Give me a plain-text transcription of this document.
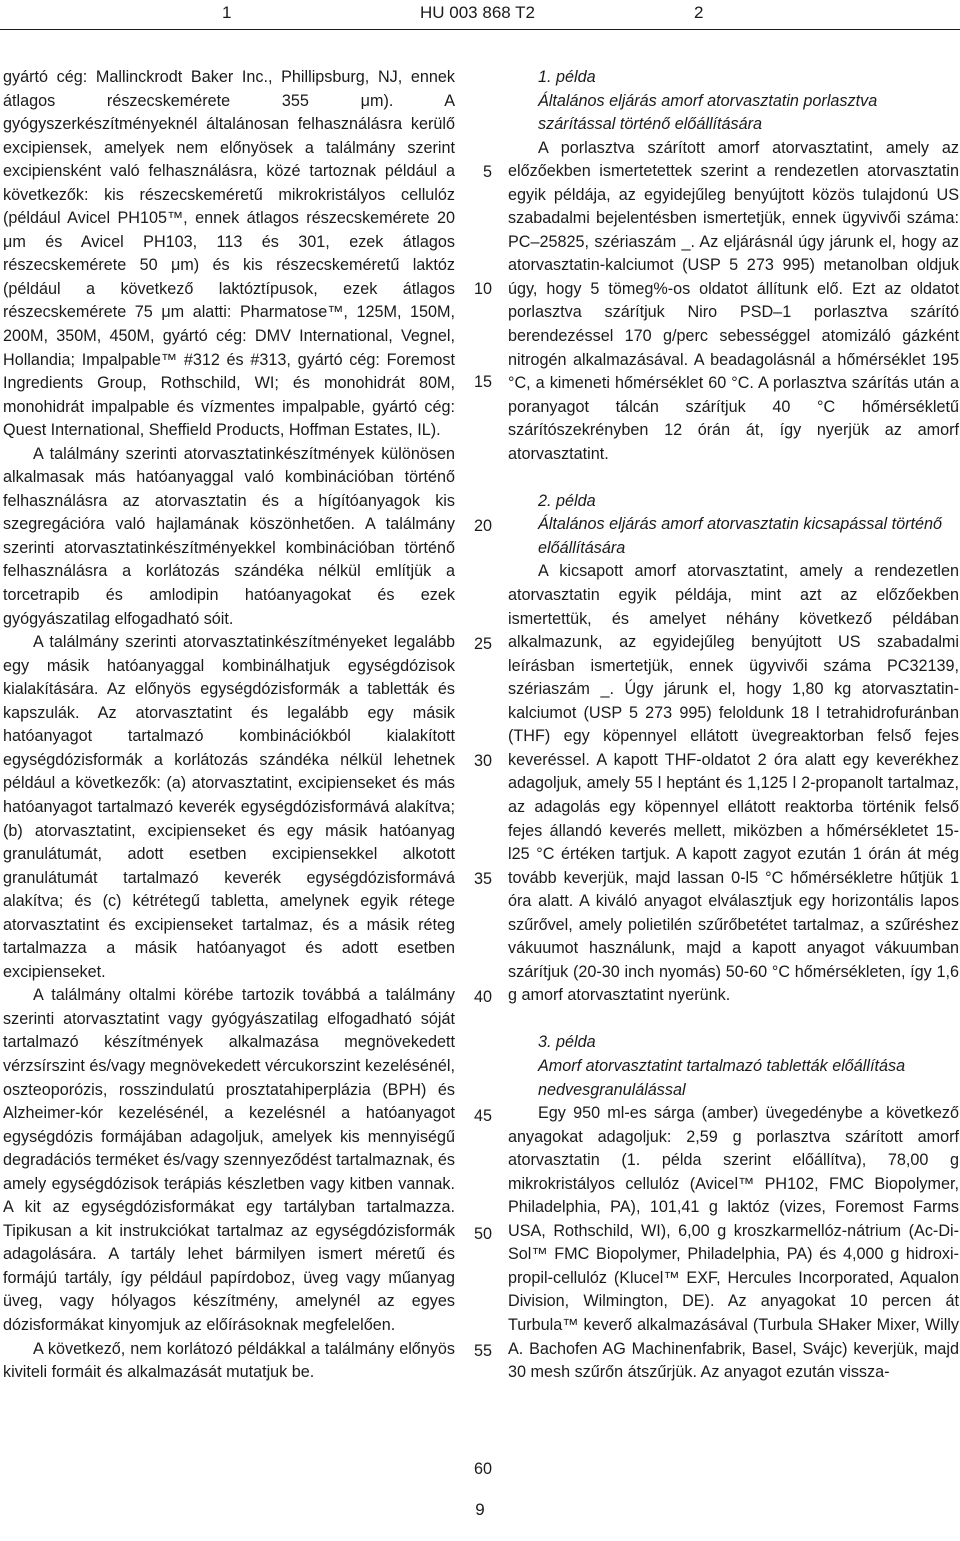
1	HU 003 868 T2	2

gyártó cég: Mallinckrodt Baker Inc., Phillipsburg, NJ, ennek átlagos részecskemérete 355 μm). A gyógyszerkészítményeknél általánosan felhasználásra kerülő excipiensek, amelyek nem előnyösek a találmány szerint excipiensként való felhasználásra, közé tartoznak például a következők: kis részecskeméretű mikrokristályos cellulóz (például Avicel PH105™, ennek átlagos részecskemérete 20 μm és Avicel PH103, 113 és 301, ezek átlagos részecskemérete 50 μm) és kis részecskeméretű laktóz (például a következő laktóztípusok, ezek átlagos részecskemérete 75 μm alatti: Pharmatose™, 125M, 150M, 200M, 350M, 450M, gyártó cég: DMV International, Vegnel, Hollandia; Impalpable™ #312 és #313, gyártó cég: Foremost Ingredients Group, Rothschild, WI; és monohidrát 80M, monohidrát impalpable és vízmentes impalpable, gyártó cég: Quest International, Sheffield Products, Hoffman Estates, IL).

A találmány szerinti atorvasztatinkészítmények különösen alkalmasak más hatóanyaggal való kombinációban történő felhasználásra az atorvasztatin és a hígítóanyagok kis szegregációra való hajlamának köszönhetően. A találmány szerinti atorvasztatinkészítményekkel kombinációban történő felhasználásra a korlátozás szándéka nélkül említjük a torcetrapib és amlodipin hatóanyagokat és ezek gyógyászatilag elfogadható sóit.

A találmány szerinti atorvasztatinkészítményeket legalább egy másik hatóanyaggal kombinálhatjuk egységdózisok kialakítására. Az előnyös egységdózisformák a tabletták és kapszulák. Az atorvasztatint és legalább egy másik hatóanyagot tartalmazó kombinációkból kialakított egységdózisformák a korlátozás szándéka nélkül lehetnek például a következők: (a) atorvasztatint, excipienseket és más hatóanyagot tartalmazó keverék egységdózisformává alakítva; (b) atorvasztatint, excipienseket és egy másik hatóanyag granulátumát, adott esetben excipiensekkel alkotott granulátumát tartalmazó keverék egységdózisformává alakítva; és (c) kétrétegű tabletta, amelynek egyik rétege atorvasztatint és excipienseket tartalmaz, és a másik réteg tartalmazza a másik hatóanyagot és adott esetben excipienseket.

A találmány oltalmi körébe tartozik továbbá a találmány szerinti atorvasztatint vagy gyógyászatilag elfogadható sóját tartalmazó készítmények alkalmazása megnövekedett vérzsírszint és/vagy megnövekedett vércukorszint kezelésénél, oszteoporózis, rosszindulatú prosztatahiperplázia (BPH) és Alzheimer-kór kezelésénél, a kezelésnél a hatóanyagot egységdózis formájában adagoljuk, amelyek kis mennyiségű degradációs terméket és/vagy szennyeződést tartalmaznak, és amely egységdózisok terápiás készletben vagy kitben vannak. A kit az egységdózisformákat egy tartályban tartalmazza. Tipikusan a kit instrukciókat tartalmaz az egységdózisformák adagolására. A tartály lehet bármilyen ismert méretű és formájú tartály, így például papírdoboz, üveg vagy műanyag üveg, vagy hólyagos készítmény, amelynél az egyes dózisformákat kinyomjuk az előírásoknak megfelelően.

A következő, nem korlátozó példákkal a találmány előnyös kiviteli formáit és alkalmazását mutatjuk be.

5
10
15
20
25
30
35
40
45
50
55
60

1. példa

Általános eljárás amorf atorvasztatin porlasztva szárítással történő előállítására

A porlasztva szárított amorf atorvasztatint, amely az előzőekben ismertetettek szerint a rendezetlen atorvasztatin egyik példája, az egyidejűleg benyújtott közös tulajdonú US szabadalmi bejelentésben ismertetjük, ennek ügyvivői száma: PC–25825, szériaszám _. Az eljárásnál úgy járunk el, hogy az atorvasztatin-kalciumot (USP 5 273 995) metanolban oldjuk úgy, hogy 5 tömeg%-os oldatot állítunk elő. Ezt az oldatot porlasztva szárítjuk Niro PSD–1 porlasztva szárító berendezéssel 170 g/perc sebességgel atomizáló gázként nitrogén alkalmazásával. A beadagolásnál a hőmérséklet 195 °C, a kimeneti hőmérséklet 60 °C. A porlasztva szárítás után a poranyagot tálcán szárítjuk 40 °C hőmérsékletű szárítószekrényben 12 órán át, így nyerjük az amorf atorvasztatint.

2. példa

Általános eljárás amorf atorvasztatin kicsapással történő előállítására

A kicsapott amorf atorvasztatint, amely a rendezetlen atorvasztatin egyik példája, mint azt az előzőekben ismertettük, és amelyet néhány következő példában alkalmazunk, az egyidejűleg benyújtott US szabadalmi leírásban ismertetjük, ennek ügyvivői száma PC32139, szériaszám _. Úgy járunk el, hogy 1,80 kg atorvasztatin-kalciumot (USP 5 273 995) feloldunk 18 l tetrahidrofuránban (THF) egy köpennyel ellátott üvegreaktorban felső fejes keveréssel. A kapott THF-oldatot 2 óra alatt egy keverékhez adagoljuk, amely 55 l heptánt és 1,125 l 2-propanolt tartalmaz, az adagolás egy köpennyel ellátott reaktorba történik felső fejes állandó keverés mellett, miközben a hőmérsékletet 15-l25 °C értéken tartjuk. A kapott zagyot ezután 1 órán át még tovább keverjük, majd lassan 0-l5 °C hőmérsékletre hűtjük 1 óra alatt. A kiváló anyagot elválasztjuk egy horizontális lapos szűrővel, amely polietilén szűrőbetétet tartalmaz, a szűréshez vákuumot használunk, majd a kapott anyagot vákuumban szárítjuk (20-30 inch nyomás) 50-60 °C hőmérsékleten, így 1,6 g amorf atorvasztatint nyerünk.

3. példa

Amorf atorvasztatint tartalmazó tabletták előállítása nedvesgranulálással

Egy 950 ml-es sárga (amber) üvegedénybe a következő anyagokat adagoljuk: 2,59 g porlasztva szárított amorf atorvasztatin (1. példa szerint előállítva), 78,00 g mikrokristályos cellulóz (Avicel™ PH102, FMC Biopolymer, Philadelphia, PA), 101,41 g laktóz (vizes, Foremost Farms USA, Rothschild, WI), 6,00 g kroszkarmellóz-nátrium (Ac-Di-Sol™ FMC Biopolymer, Philadelphia, PA) és 4,000 g hidroxi-propil-cellulóz (Klucel™ EXF, Hercules Incorporated, Aqualon Division, Wilmington, DE). Az anyagokat 10 percen át Turbula™ keverő alkalmazásával (Turbula SHaker Mixer, Willy A. Bachofen AG Machinenfabrik, Basel, Svájc) keverjük, majd 30 mesh szűrőn átszűrjük. Az anyagot ezután vissza-

9
